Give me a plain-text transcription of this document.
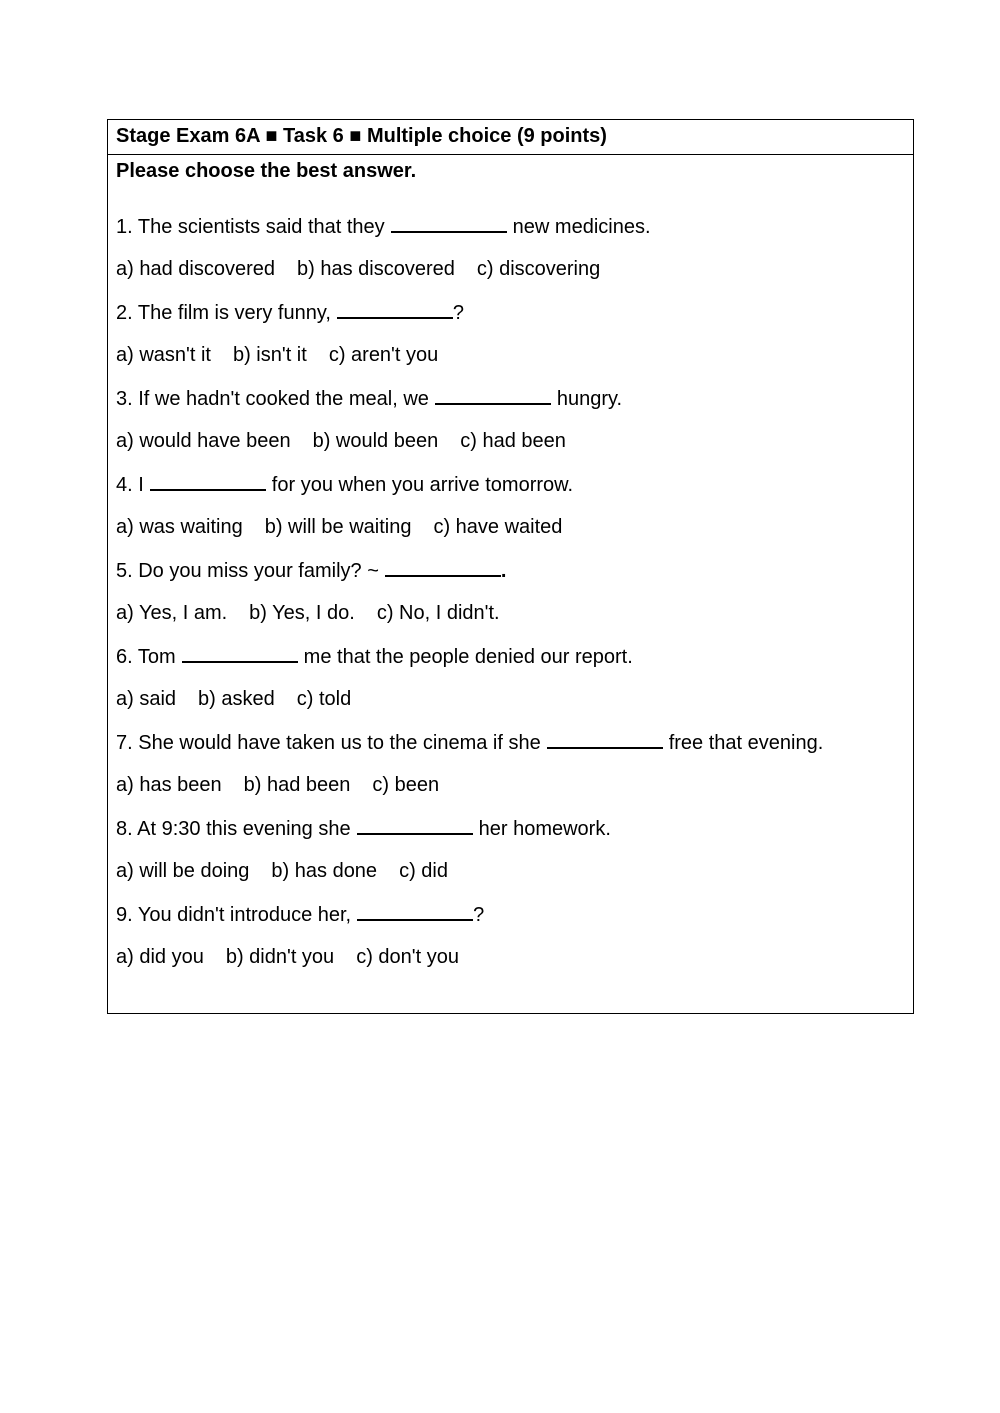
Stage Exam 6A ■ Task 6 ■ Multiple choice (9 points)
Please choose the best answer.
1. The scientists said that they	new medicines.
a) had discovered b) has discovered c) discovering
2. The film is very funny,	?
a) wasn't it b) isn't it c) aren't you
3. If we hadn't cooked the meal, we	hungry.
a) would have been b) would been c) had been
4. I	for you when you arrive tomorrow.
a) was waiting b) will be waiting c) have waited
5. Do you miss your family? ~	.
a) Yes, I am. b) Yes, I do. c) No, I didn't.
6. Tom	me that the people denied our report.
a) said b) asked c) told
7. She would have taken us to the cinema if she	free that evening.
a) has been b) had been c) been
8. At 9:30 this evening she	her homework.
a) will be doing b) has done c) did
9. You didn't introduce her,	?
a) did you b) didn't you c) don't you
